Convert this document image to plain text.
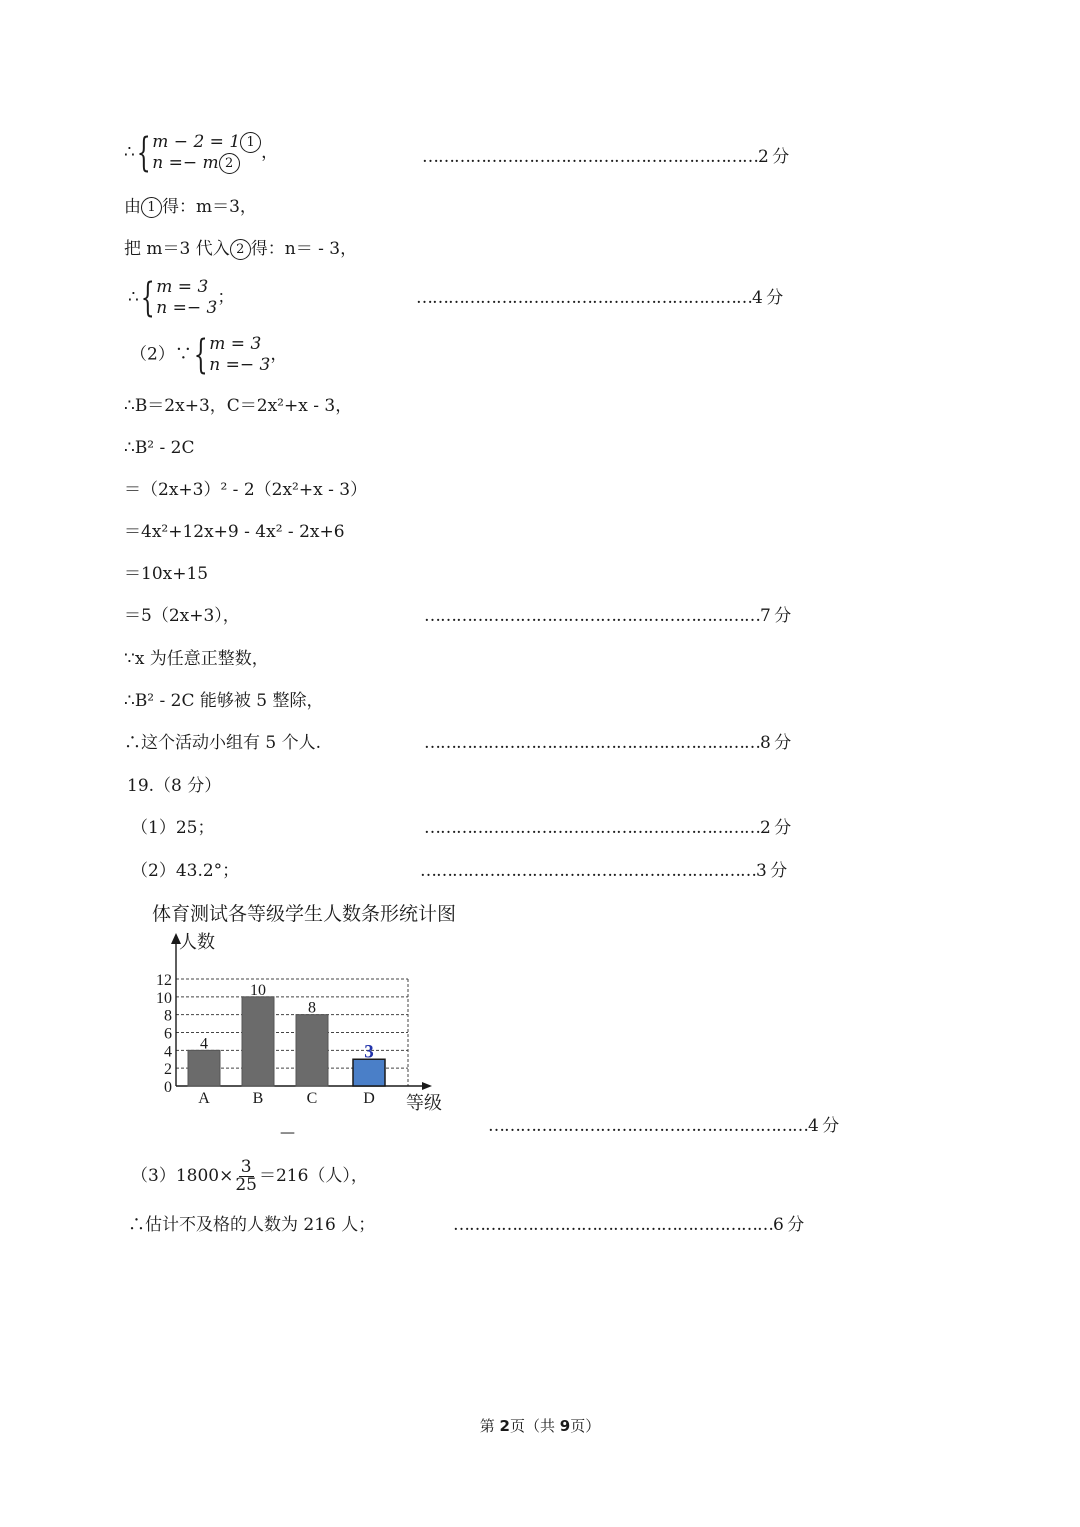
∴ { m − 2 = 1 1
n =− m 2
，	………………………………………………………2 分
由 1 得：m＝3，
把 m＝3 代入 2 得：n＝ - 3，
∴ { m = 3
n =− 3
；	………………………………………………………4 分
（2）∵ { m = 3
n =− 3
，
∴B＝2x+3，C＝2x²+x - 3，
∴B² - 2C
＝（2x+3）² - 2（2x²+x - 3）
＝4x²+12x+9 - 4x² - 2x+6
＝10x+15
＝5（2x+3），	………………………………………………………7 分
∵x 为任意正整数，
∴B² - 2C 能够被 5 整除，
∴这个活动小组有 5 个人.	………………………………………………………8 分
19.（8 分）
（1）25；	………………………………………………………2 分
（2）43.2°；	………………………………………………………3 分
体育测试各等级学生人数条形统计图
0
2
4
6
8
10
12
人数
等级
4
A
10
B
8
C
3
D
—	……………………………………………………4 分
$(3)1800\times \frac{3}{25} =216$（人），
∴估计不及格的人数为 216 人；	……………………………………………………6 分
第 2页（共 9页）
